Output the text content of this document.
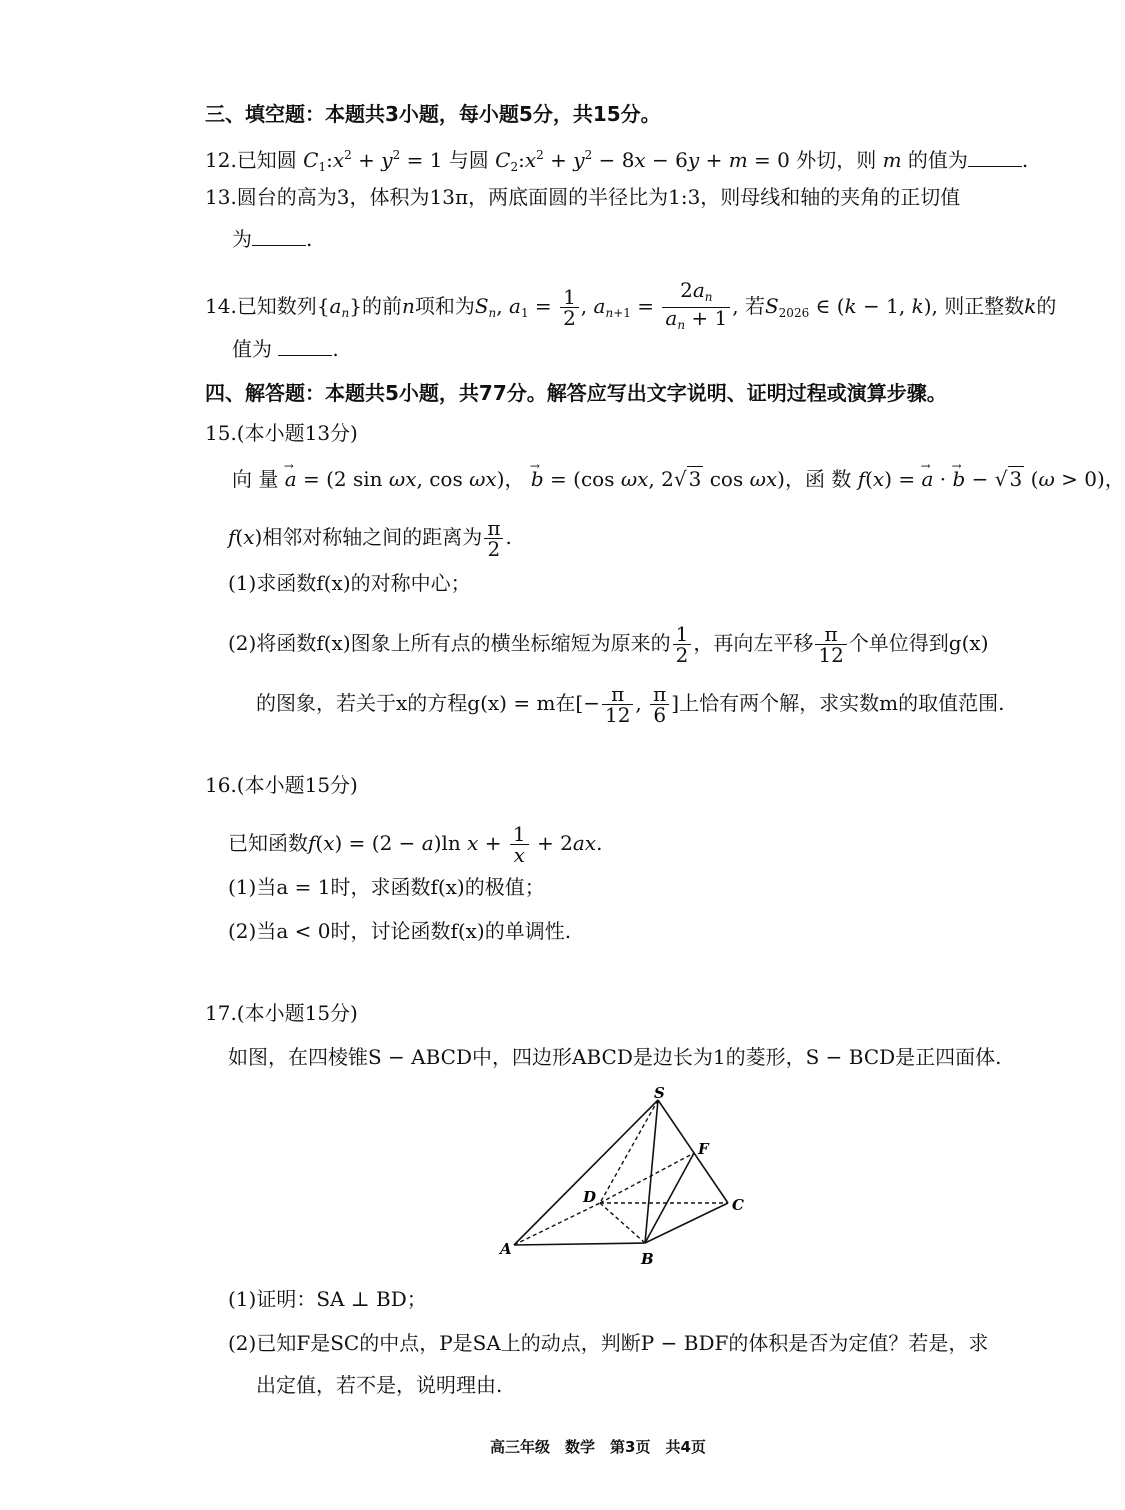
三、填空题：本题共3小题，每小题5分，共15分。
12.已知圆 $C_1:x^2 + y^2 = 1$ 与圆 $C_2:x^2 + y^2 - 8x - 6y + m = 0$ 外切，则 m 的值为	.
13.圆台的高为3，体积为13π，两底面圆的半径比为1:3，则母线和轴的夹角的正切值
为	.
14.已知数列$\{a_n\}$的前n项和为$S_n$, $a_1 = \frac{1}{2}$ , $a_{n+1} = \frac{2a_n}{a_n + 1}$ , 若$S_{2026}$ ∈ (k − 1, k), 则正整数k的
值为	.
四、解答题：本题共5小题，共77分。解答应写出文字说明、证明过程或演算步骤。
15.(本小题13分)
向 量 → a = (2 sin ωx, cos ωx)， → b = (cos ωx, 2√ 3 cos ωx)，函 数 f(x) = → a · → b − √ 3 (ω > 0)，
f(x)相邻对称轴之间的距离为 $\frac{\pi}{2}$ .
(1)求函数f(x)的对称中心；
(2)将函数f(x)图象上所有点的横坐标缩短为原来的 $\frac{1}{2}$ ，再向左平移 $\frac{\pi}{12}$ 个单位得到g(x)
的图象，若关于x的方程g(x) = m在[− $\frac{\pi}{12}$ , $\frac{\pi}{6}$ ]上恰有两个解，求实数m的取值范围.
16.(本小题15分)
已知函数f(x) = (2 − a)ln $x + \frac{1}{x} + 2ax$.
(1)当a = 1时，求函数f(x)的极值；
(2)当a < 0时，讨论函数f(x)的单调性.
17.(本小题15分)
如图，在四棱锥S − ABCD中，四边形ABCD是边长为1的菱形，S − BCD是正四面体.
S
A
B
C
D
F
(1)证明：SA ⊥ BD；
(2)已知F是SC的中点，P是SA上的动点，判断P − BDF的体积是否为定值？若是，求
出定值，若不是，说明理由.
高三年级　数学　第3页　共4页
